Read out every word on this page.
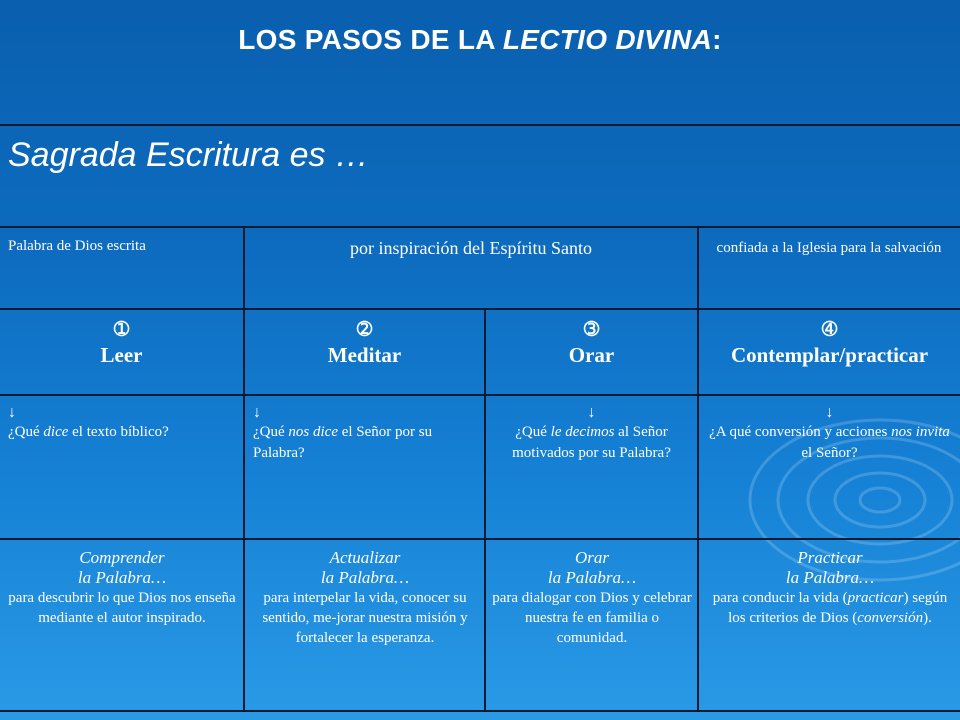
LOS PASOS DE LA LECTIO DIVINA:
Sagrada Escritura es …
Palabra de Dios escrita	por inspiración del Espíritu Santo	confiada a la Iglesia para la salvación
➀
Leer
➁
Meditar
➂
Orar
➃
Contemplar/practicar
↓
¿Qué dice el texto bíblico?
↓
¿Qué nos dice el Señor por su Palabra?
↓
¿Qué le decimos al Señor motivados por su Palabra?
↓
¿A qué conversión y acciones nos invita el Señor?
Comprender
la Palabra…
para descubrir lo que Dios nos enseña mediante el autor inspirado.
Actualizar
la Palabra…
para interpelar la vida, conocer su sentido, me-jorar nuestra misión y fortalecer la esperanza.
Orar
la Palabra…
para dialogar con Dios y celebrar nuestra fe en familia o comunidad.
Practicar
la Palabra…
para conducir la vida (practicar) según los criterios de Dios (conversión).
